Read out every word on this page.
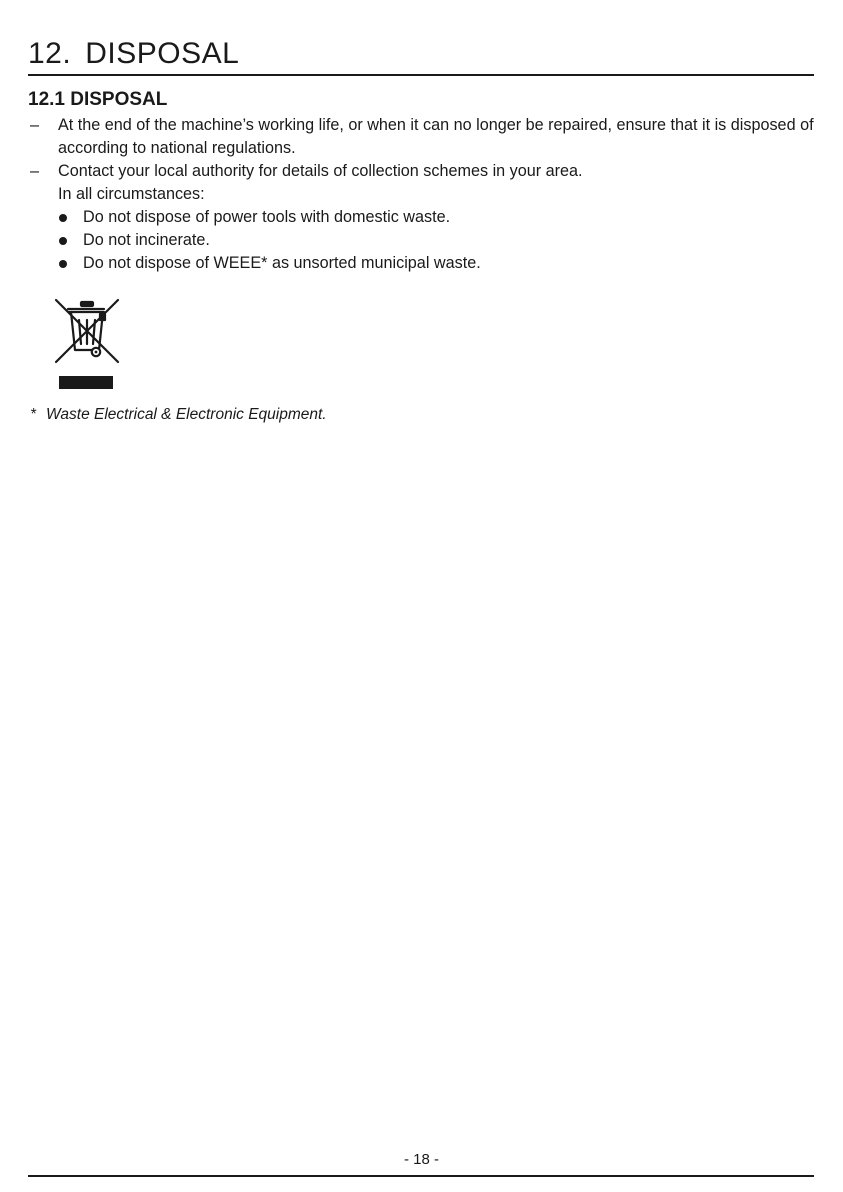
12. DISPOSAL
12.1 DISPOSAL
– At the end of the machine’s working life, or when it can no longer be repaired, ensure that it is disposed of according to national regulations.
– Contact your local authority for details of collection schemes in your area.
In all circumstances:
Do not dispose of power tools with domestic waste.
Do not incinerate.
Do not dispose of WEEE* as unsorted municipal waste.

* Waste Electrical & Electronic Equipment.

- 18 -
